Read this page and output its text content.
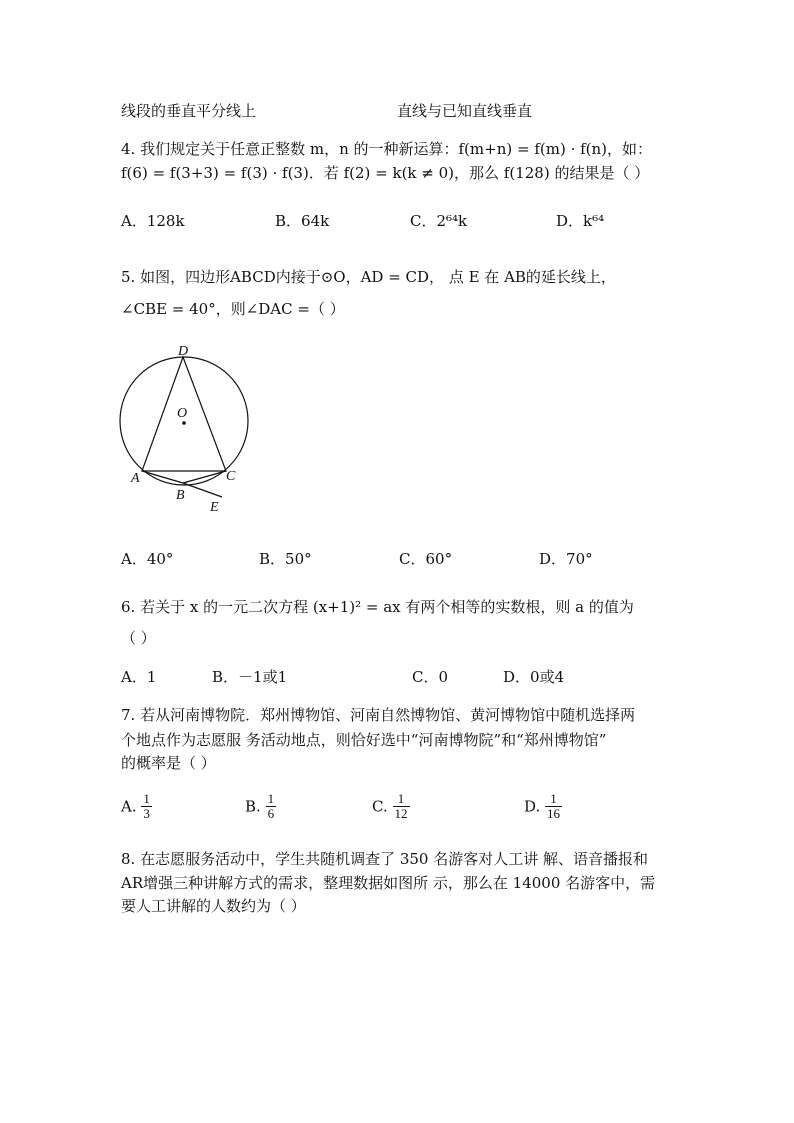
线段的垂直平分线上	直线与已知直线垂直
4. 我们规定关于任意正整数 m，n 的一种新运算：f(m+n) = f(m) · f(n)，如：
f(6) = f(3+3) = f(3) · f(3)．若 f(2) = k(k ≠ 0)，那么 f(128) 的结果是（ ）
A．128k	B．64k	C．2⁶⁴k	D．k⁶⁴
5. 如图，四边形ABCD内接于⊙O，AD = CD， 点 E 在 AB的延长线上，
∠CBE = 40°，则∠DAC =（ ）
D
O
A
B
C
E
A．40°	B．50°	C．60°	D．70°
6. 若关于 x 的一元二次方程 (x+1)² = ax 有两个相等的实数根，则 a 的值为
（ ）
A．1	B．－1或1	C．0	D．0或4
7. 若从河南博物院．郑州博物馆、河南自然博物馆、黄河博物馆中随机选择两
个地点作为志愿服 务活动地点，则恰好选中“河南博物院”和“郑州博物馆”
的概率是（ ）
A. $\frac{1}{3}$	B. $\frac{1}{6}$	C. $\frac{1}{12}$	D. $\frac{1}{16}$
8. 在志愿服务活动中，学生共随机调查了 350 名游客对人工讲 解、语音播报和
AR增强三种讲解方式的需求，整理数据如图所 示，那么在 14000 名游客中，需
要人工讲解的人数约为（ ）
